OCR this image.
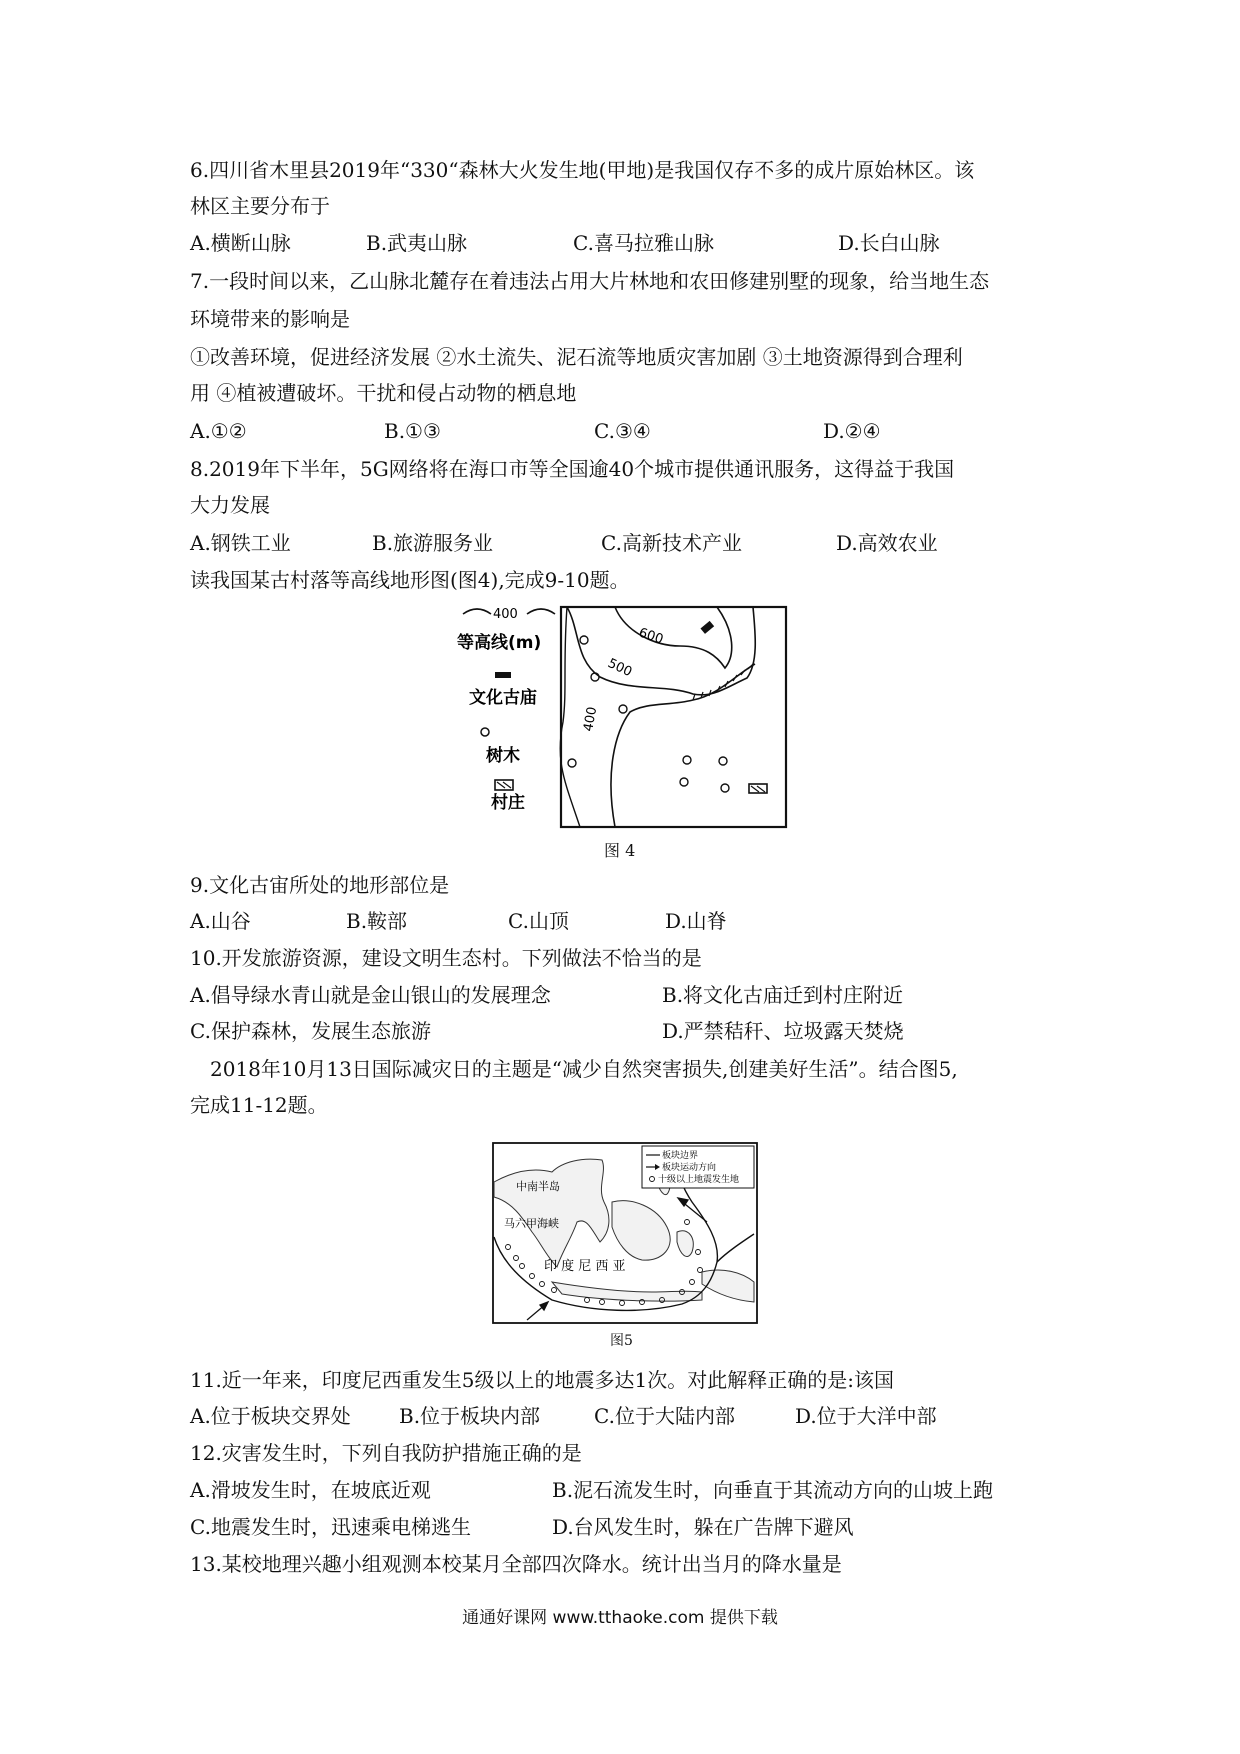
6.四川省木里县2019年“330“森林大火发生地(甲地)是我国仅存不多的成片原始林区。该
林区主要分布于
A.横断山脉	B.武夷山脉	C.喜马拉雅山脉	D.长白山脉
7.一段时间以来，乙山脉北麓存在着违法占用大片林地和农田修建别墅的现象，给当地生态
环境带来的影响是
①改善环境，促进经济发展 ②水土流失、泥石流等地质灾害加剧 ③土地资源得到合理利
用 ④植被遭破坏。干扰和侵占动物的栖息地
A.①②	B.①③	C.③④	D.②④
8.2019年下半年，5G网络将在海口市等全国逾40个城市提供通讯服务，这得益于我国
大力发展
A.钢铁工业	B.旅游服务业	C.高新技术产业	D.高效农业
读我国某古村落等高线地形图(图4),完成9-10题。
400
等高线(m)
文化古庙
树木
村庄
600
500
400
图 4
9.文化古宙所处的地形部位是
A.山谷	B.鞍部	C.山顶	D.山脊
10.开发旅游资源，建设文明生态村。下列做法不恰当的是
A.倡导绿水青山就是金山银山的发展理念	B.将文化古庙迁到村庄附近
C.保护森林，发展生态旅游	D.严禁秸秆、垃圾露天焚烧
2018年10月13日国际减灾日的主题是“减少自然突害损失,创建美好生活”。结合图5,
完成11-12题。
板块边界
板块运动方向
十级以上地震发生地
中南半岛
马六甲海峡
印 度 尼 西 亚
图5
11.近一年来，印度尼西重发生5级以上的地震多达1次。对此解释正确的是:该国
A.位于板块交界处 B.位于板块内部	C.位于大陆内部	D.位于大洋中部
12.灾害发生时，下列自我防护措施正确的是
A.滑坡发生时，在坡底近观	B.泥石流发生时，向垂直于其流动方向的山坡上跑
C.地震发生时，迅速乘电梯逃生	D.台风发生时，躲在广告牌下避风
13.某校地理兴趣小组观测本校某月全部四次降水。统计出当月的降水量是
通通好课网 www.tthaoke.com 提供下载
